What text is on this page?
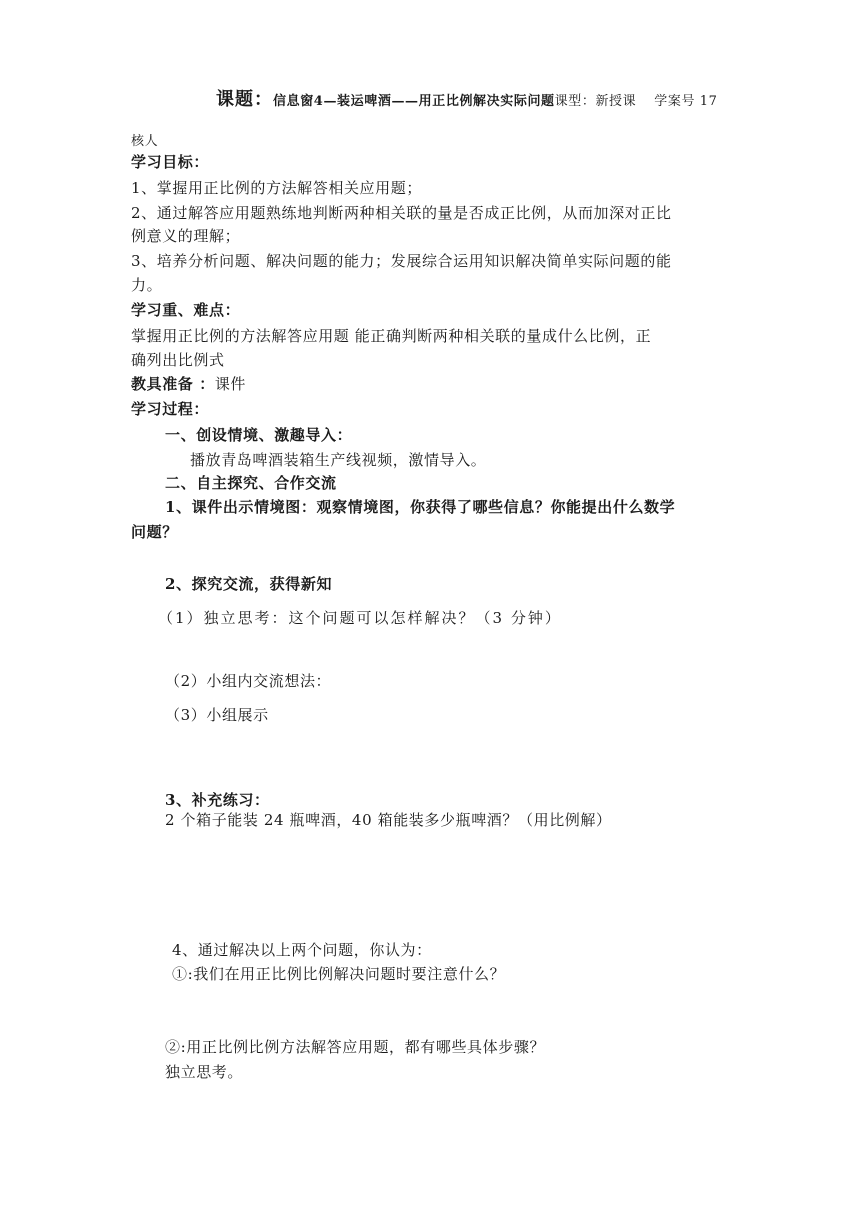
课题：信息窗4—装运啤酒——用正比例解决实际问题课型：新授课 学案号 17
核人
学习目标：
1、掌握用正比例的方法解答相关应用题；
2、通过解答应用题熟练地判断两种相关联的量是否成正比例，从而加深对正比
例意义的理解；
3、培养分析问题、解决问题的能力；发展综合运用知识解决简单实际问题的能
力。
学习重、难点：
掌握用正比例的方法解答应用题 能正确判断两种相关联的量成什么比例，正
确列出比例式
教具准备 ：课件
学习过程：
一、创设情境、激趣导入：
播放青岛啤酒装箱生产线视频，激情导入。
二、自主探究、合作交流
1、课件出示情境图：观察情境图，你获得了哪些信息？你能提出什么数学
问题？
2、探究交流，获得新知
（1）独立思考：这个问题可以怎样解决？（3 分钟）
（2）小组内交流想法：
（3）小组展示
3、补充练习：
2 个箱子能装 24 瓶啤酒，40 箱能装多少瓶啤酒？（用比例解）
4、通过解决以上两个问题，你认为：
①:我们在用正比例比例解决问题时要注意什么？
②:用正比例比例方法解答应用题，都有哪些具体步骤？
独立思考。
